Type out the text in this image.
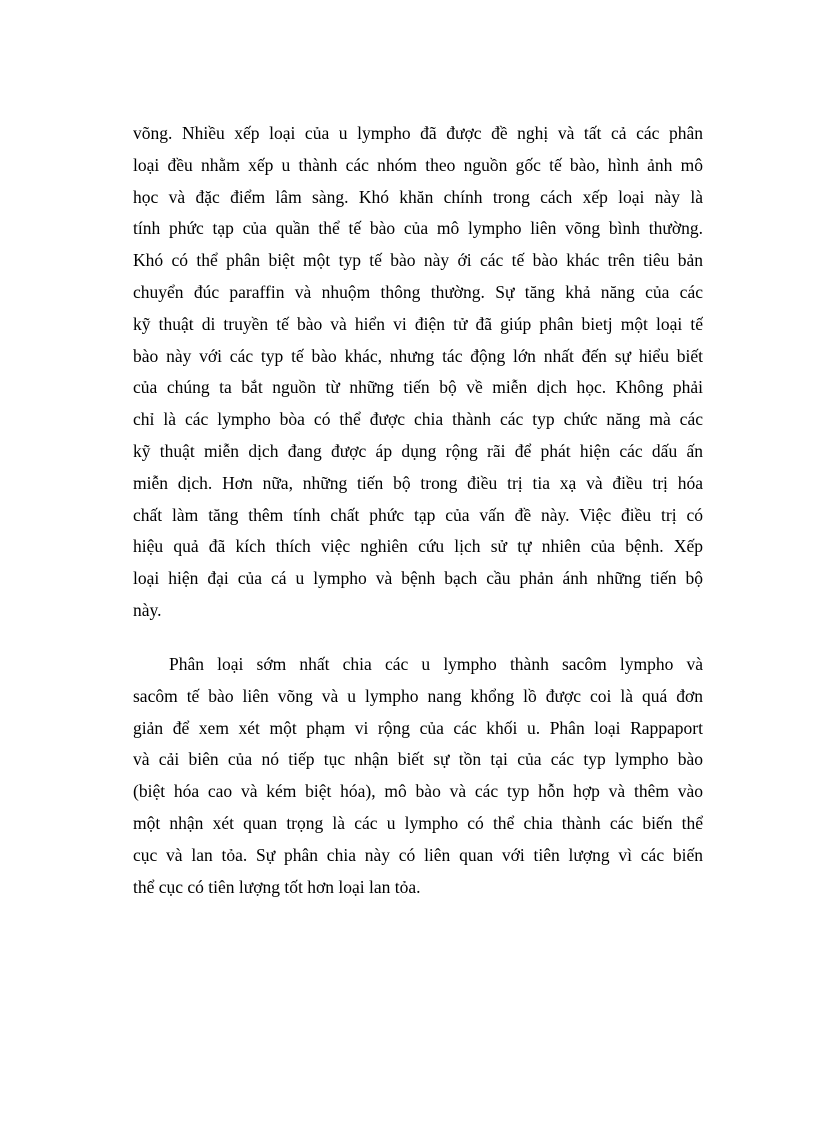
võng. Nhiều xếp loại của u lympho đã được đề nghị và tất cả các phân
loại đều nhằm xếp u thành các nhóm theo nguồn gốc tế bào, hình ảnh mô
học và đặc điểm lâm sàng. Khó khăn chính trong cách xếp loại này là
tính phức tạp của quần thể tế bào của mô lympho liên võng bình thường.
Khó có thể phân biệt một typ tế bào này ới các tế bào khác trên tiêu bản
chuyển đúc paraffin và nhuộm thông thường. Sự tăng khả năng của các
kỹ thuật di truyền tế bào và hiển vi điện tử đã giúp phân bietj một loại tế
bào này với các typ tế bào khác, nhưng tác động lớn nhất đến sự hiểu biết
của chúng ta bắt nguồn từ những tiến bộ về miễn dịch học. Không phải
chỉ là các lympho bòa có thể được chia thành các typ chức năng mà các
kỹ thuật miễn dịch đang được áp dụng rộng rãi để phát hiện các dấu ấn
miễn dịch. Hơn nữa, những tiến bộ trong điều trị tia xạ và điều trị hóa
chất làm tăng thêm tính chất phức tạp của vấn đề này. Việc điều trị có
hiệu quả đã kích thích việc nghiên cứu lịch sử tự nhiên của bệnh. Xếp
loại hiện đại của cá u lympho và bệnh bạch cầu phản ánh những tiến bộ
này.
Phân loại sớm nhất chia các u lympho thành sacôm lympho và
sacôm tế bào liên võng và u lympho nang khổng lồ được coi là quá đơn
giản để xem xét một phạm vi rộng của các khối u. Phân loại Rappaport
và cải biên của nó tiếp tục nhận biết sự tồn tại của các typ lympho bào
(biệt hóa cao và kém biệt hóa), mô bào và các typ hỗn hợp và thêm vào
một nhận xét quan trọng là các u lympho có thể chia thành các biến thể
cục và lan tỏa. Sự phân chia này có liên quan với tiên lượng vì các biến
thể cục có tiên lượng tốt hơn loại lan tỏa.
